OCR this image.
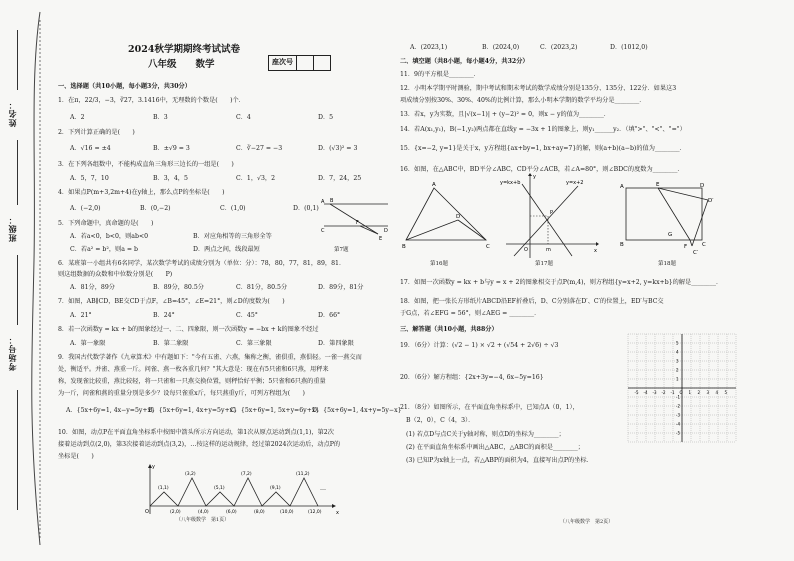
姓名：
班级：
考场号：
2024秋学期期终考试试卷
八年级　　数学	座次号
一、选择题（共10小题，每小题3分，共30分）
1．在π，22/3，−3，∛27，3.1416中，无理数的个数是(　　)个．
A．2	B．3	C．4	D．5
2．下列计算正确的是(　　)
A．√16 = ±4	B．±√9 = 3	C．∛−27 = −3	D．(√3)² = 3
3．在下列各组数中，不能构成直角三角形三边长的一组是(　　)
A．5，7，10	B．3，4，5	C．1，√3，2	D．7，24，25
4．如果点P(m+3,2m+4)在y轴上，那么点P的坐标是(　　)
A．(−2,0)	B．(0,−2)	C．(1,0)	D．(0,1)
A B
C	D
E
F
5．下列命题中，真命题的是(　　)
A．若a<0，b<0，则ab<0	B．对应角相等的三角形全等
C．若a² = b²，则a = b	D．两点之间，线段最短	第7题
6．某班第一小组共有6名同学，某次数学考试的成绩分别为（单位：分）：78，80，77，81，89，81．
则这组数据的众数和中位数分别是(　　P)
A．81分，89分	B．89分，80.5分	C．81分，80.5分	D．89分，81分
7．如图，AB∥CD，BE交CD于点F，∠B=45°，∠E=21°，则∠D的度数为(　　)
A．21°	B．24°	C．45°	D．66°
8．若一次函数y = kx + b的图象经过一、二、四象限，则一次函数y = −bx + k的图象不经过
A．第一象限	B．第二象限	C．第三象限	D．第四象限
9．我国古代数学著作《九章算术》中有题如下："今有五雀、六燕，集称之衡，雀俱重，燕俱轻。一雀一燕交而
处，衡适平。并雀、燕重一斤。问雀、燕一枚各重几何？"其大意是：现在有5只雀和6只燕，用秤来
称，发现雀比较重，燕比较轻，将一只雀和一只燕交换位置，则秤恰好平衡；5只雀和6只燕的重量
为一斤，问雀和燕的重量分别是多少？设每只雀重x斤，每只燕重y斤，可列方程组为(　　)
A．{5x+6y=1, 4x−y=5y+x}
B．{5x+6y=1, 4x+y=5y+x}
C．{5x+6y=1, 5x+y=6y+x}
D．{5x+6y=1, 4x+y=5y−x}
10．如图，动点P在平面直角坐标系中按图中箭头所示方向运动，第1次从原点运动到点(1,1)，第2次
接着运动到点(2,0)，第3次接着运动到点(3,2)，…按这样的运动规律，经过第2024次运动后，动点P的
坐标是(　　)
O	x
y
(1,1)
(3,2)	(7,2)	(11,2)
(5,1)	(9,1)
(2,0)	(4,0)	(6,0)	(8,0)	(10,0)	(12,0)
…
（八年级数学　第1页）
A．(2023,1)	B．(2024,0)	C．(2023,2)	D．(1012,0)
二、填空题（共8小题，每小题4分，共32分）
11．9的平方根是________．
12．小明本学期平时测验，期中考试和期末考试的数学成绩分别是135分、135分、122分．如果这3
项成绩分别按30%、30%、40%的比例计算，那么小明本学期的数学平均分是________．
13．若x，y为实数，且|√(x−1)| + (y−2)² = 0，则x − y的值为________．
14．若A(x₁,y₁)，B(−1,y₂)两点都在直线y = −3x + 1的图象上，则y₁______y₂．（填">"、"<"、"="）
15．{x=−2, y=1}是关于x，y方程组{ax+by=1, bx+ay=7}的解，则(a+b)(a−b)的值为________．
16．如图，在△ABC中，BD平分∠ABC，CD平分∠ACB，若∠A=80°，则∠BDC的度数为________．
A
B	C
D
第16题
y=kx+b	y=x+2
P
O	m	x
y
第17题
A	E	D
B
G
C
F
D′
C′
第18题
17．如图一次函数y = kx + b与y = x + 2的图象相交于点P(m,4)，则方程组{y=x+2, y=kx+b}的解是________．
18．如图，把一张长方形纸片ABCD沿EF折叠后，D、C分别落在D′、C′的位置上，ED′与BC交
于G点，若∠EFG = 56°，则∠AEG = ________．
三、解答题（共10小题，共88分）
19．（6分）计算：(√2 − 1) × √2 + (√54 + 2√6) ÷ √3
20．（6分）解方程组：{2x+3y=−4, 6x−5y=16}
21．（8分）如图所示，在平面直角坐标系中，已知点A（0，1），
B（2，0），C（4，3）．
(1) 若点D与点C关于y轴对称，则点D的坐标为________；
(2) 在平面直角坐标系中画出△ABC，△ABC的面积是________；
(3) 已知P为x轴上一点，若△ABP的面积为4，直接写出点P的坐标．
-5 -4 -3 -2 -1 O 1 2 3 4 5
5
4
3
2
1
-1
-2
-3
-4
-5
（八年级数学　第2页）
